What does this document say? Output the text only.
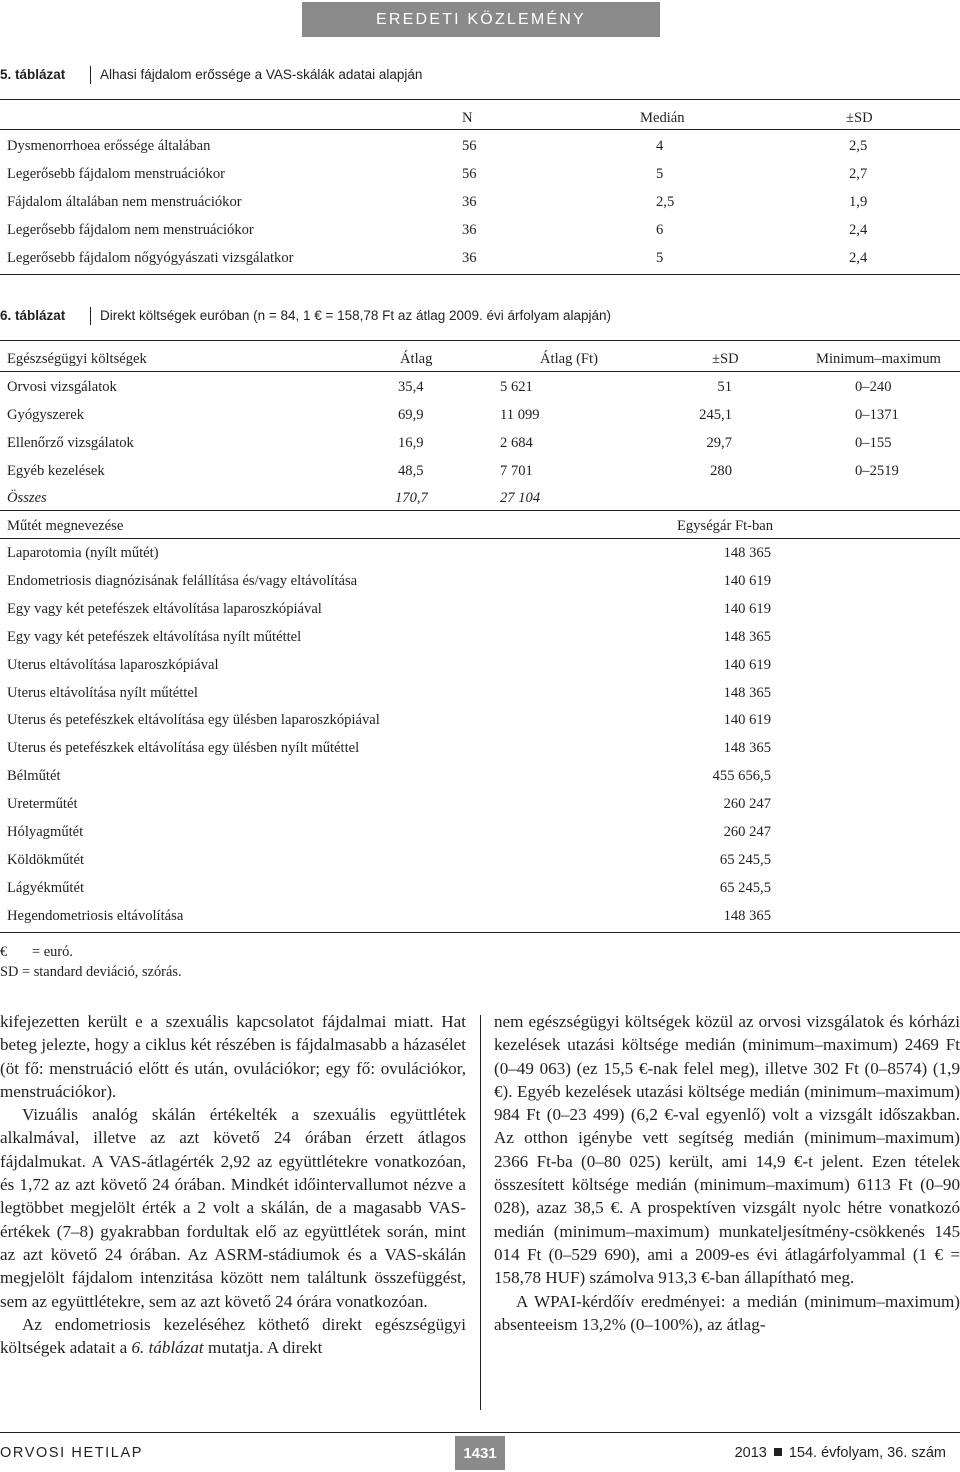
EREDETI KÖZLEMÉNY
5. táblázat	Alhasi fájdalom erőssége a VAS-skálák adatai alapján
N	Medián	±SD
Dysmenorrhoea erőssége általában	56	4	2,5
Legerősebb fájdalom menstruációkor	56	5	2,7
Fájdalom általában nem menstruációkor	36	2,5	1,9
Legerősebb fájdalom nem menstruációkor	36	6	2,4
Legerősebb fájdalom nőgyógyászati vizsgálatkor	36	5	2,4
6. táblázat	Direkt költségek euróban (n = 84, 1 € = 158,78 Ft az átlag 2009. évi árfolyam alapján)
Egészségügyi költségek	Átlag	Átlag (Ft)	±SD	Minimum–maximum
Orvosi vizsgálatok	35,4	5 621	51	0–240
Gyógyszerek	69,9	11 099	245,1	0–1371
Ellenőrző vizsgálatok	16,9	2 684	29,7	0–155
Egyéb kezelések	48,5	7 701	280	0–2519
Összes	170,7	27 104
Műtét megnevezése	Egységár Ft-ban
Laparotomia (nyílt műtét)	148 365
Endometriosis diagnózisának felállítása és/vagy eltávolítása	140 619
Egy vagy két petefészek eltávolítása laparoszkópiával	140 619
Egy vagy két petefészek eltávolítása nyílt műtéttel	148 365
Uterus eltávolítása laparoszkópiával	140 619
Uterus eltávolítása nyílt műtéttel	148 365
Uterus és petefészkek eltávolítása egy ülésben laparoszkópiával	140 619
Uterus és petefészkek eltávolítása egy ülésben nyílt műtéttel	148 365
Bélműtét	455 656,5
Ureterműtét	260 247
Hólyagműtét	260 247
Köldökműtét	65 245,5
Lágyékműtét	65 245,5
Hegendometriosis eltávolítása	148 365
€ = euró.
SD = standard deviáció, szórás.

kifejezetten került e a szexuális kapcsolatot fájdalmai miatt. Hat beteg jelezte, hogy a ciklus két részében is fájdalmasabb a házasélet (öt fő: menstruáció előtt és után, ovulációkor; egy fő: ovulációkor, menstruációkor).

Vizuális analóg skálán értékelték a szexuális együttlétek alkalmával, illetve az azt követő 24 órában érzett átlagos fájdalmukat. A VAS-átlagérték 2,92 az együttlétekre vonatkozóan, és 1,72 az azt követő 24 órában. Mindkét időintervallumot nézve a legtöbbet megjelölt érték a 2 volt a skálán, de a magasabb VAS-értékek (7–8) gyakrabban fordultak elő az együttlétek során, mint az azt követő 24 órában. Az ASRM-stádiumok és a VAS-skálán megjelölt fájdalom intenzitása között nem találtunk összefüggést, sem az együttlétekre, sem az azt követő 24 órára vonatkozóan.

Az endometriosis kezeléséhez köthető direkt egészségügyi költségek adatait a 6. táblázat mutatja. A direkt

nem egészségügyi költségek közül az orvosi vizsgálatok és kórházi kezelések utazási költsége medián (minimum–maximum) 2469 Ft (0–49 063) (ez 15,5 €-nak felel meg), illetve 302 Ft (0–8574) (1,9 €). Egyéb kezelések utazási költsége medián (minimum–maximum) 984 Ft (0–23 499) (6,2 €-val egyenlő) volt a vizsgált időszakban. Az otthon igénybe vett segítség medián (minimum–maximum) 2366 Ft-ba (0–80 025) került, ami 14,9 €-t jelent. Ezen tételek összesített költsége medián (minimum–maximum) 6113 Ft (0–90 028), azaz 38,5 €. A prospektíven vizsgált nyolc hétre vonatkozó medián (minimum–maximum) munkateljesítmény-csökkenés 145 014 Ft (0–529 690), ami a 2009-es évi átlagárfolyammal (1 € = 158,78 HUF) számolva 913,3 €-ban állapítható meg.

A WPAI-kérdőív eredményei: a medián (minimum–maximum) absenteeism 13,2% (0–100%), az átlag-

ORVOSI HETILAP	1431	2013 154. évfolyam, 36. szám
